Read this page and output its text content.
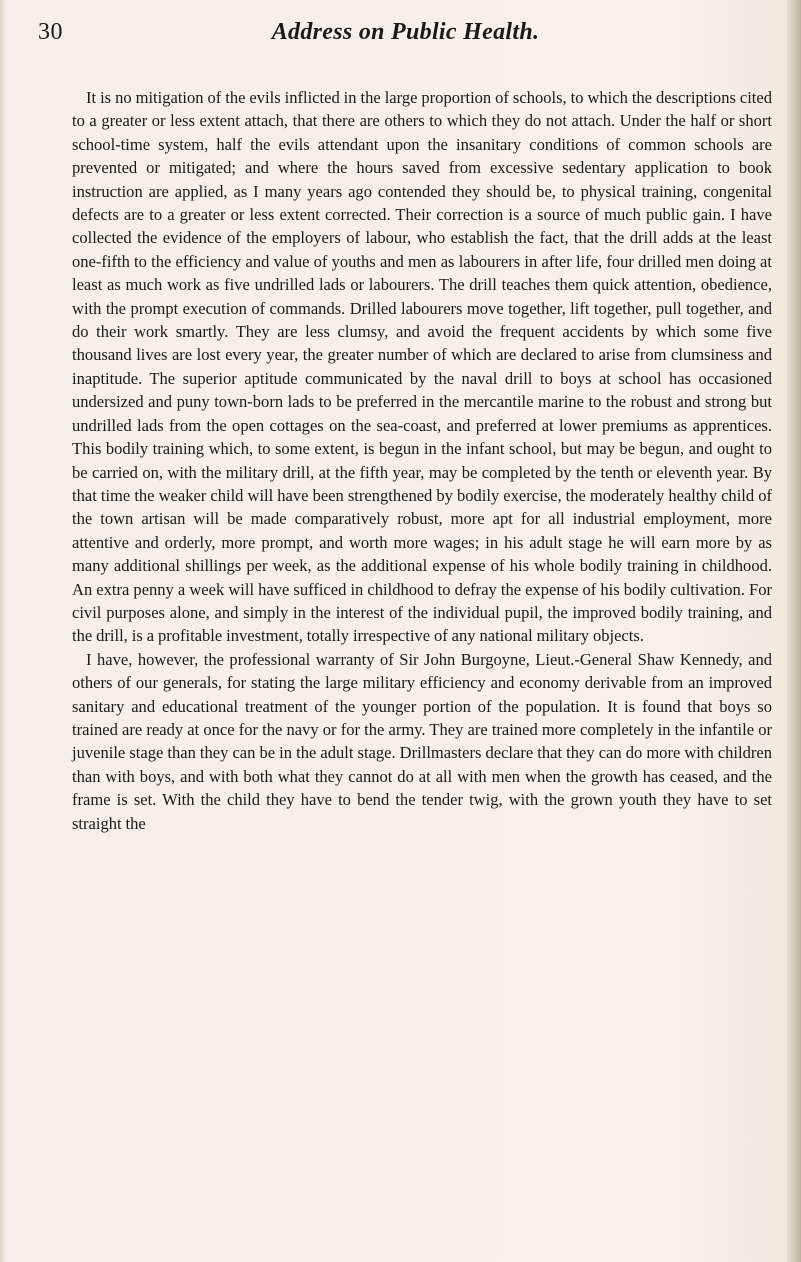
30	Address on Public Health.

It is no mitigation of the evils inflicted in the large proportion of schools, to which the descriptions cited to a greater or less extent attach, that there are others to which they do not attach. Under the half or short school-time system, half the evils attendant upon the insanitary conditions of common schools are prevented or mitigated; and where the hours saved from excessive sedentary application to book instruction are applied, as I many years ago contended they should be, to physical training, congenital defects are to a greater or less extent corrected. Their correction is a source of much public gain. I have collected the evidence of the employers of labour, who establish the fact, that the drill adds at the least one-fifth to the efficiency and value of youths and men as labourers in after life, four drilled men doing at least as much work as five undrilled lads or labourers. The drill teaches them quick attention, obedience, with the prompt execution of commands. Drilled labourers move together, lift together, pull together, and do their work smartly. They are less clumsy, and avoid the frequent accidents by which some five thousand lives are lost every year, the greater number of which are declared to arise from clumsiness and inaptitude. The superior aptitude communicated by the naval drill to boys at school has occasioned undersized and puny town-born lads to be preferred in the mercantile marine to the robust and strong but undrilled lads from the open cottages on the sea-coast, and preferred at lower premiums as apprentices. This bodily training which, to some extent, is begun in the infant school, but may be begun, and ought to be carried on, with the military drill, at the fifth year, may be completed by the tenth or eleventh year. By that time the weaker child will have been strengthened by bodily exercise, the moderately healthy child of the town artisan will be made comparatively robust, more apt for all industrial employment, more attentive and orderly, more prompt, and worth more wages; in his adult stage he will earn more by as many additional shillings per week, as the additional expense of his whole bodily training in childhood. An extra penny a week will have sufficed in childhood to defray the expense of his bodily cultivation. For civil purposes alone, and simply in the interest of the individual pupil, the improved bodily training, and the drill, is a profitable investment, totally irrespective of any national military objects.

I have, however, the professional warranty of Sir John Burgoyne, Lieut.-General Shaw Kennedy, and others of our generals, for stating the large military efficiency and economy derivable from an improved sanitary and educational treatment of the younger portion of the population. It is found that boys so trained are ready at once for the navy or for the army. They are trained more completely in the infantile or juvenile stage than they can be in the adult stage. Drillmasters declare that they can do more with children than with boys, and with both what they cannot do at all with men when the growth has ceased, and the frame is set. With the child they have to bend the tender twig, with the grown youth they have to set straight the
